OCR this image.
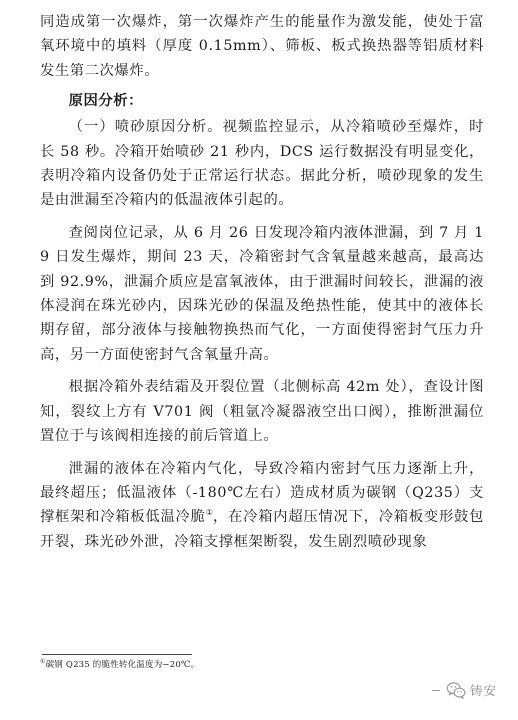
同造成第一次爆炸，第一次爆炸产生的能量作为激发能，使处于富氧环境中的填料（厚度 0.15mm）、筛板、板式换热器等铝质材料发生第二次爆炸。

原因分析：

（一）喷砂原因分析。视频监控显示，从冷箱喷砂至爆炸，时长 58 秒。冷箱开始喷砂 21 秒内，DCS 运行数据没有明显变化，表明冷箱内设备仍处于正常运行状态。据此分析，喷砂现象的发生是由泄漏至冷箱内的低温液体引起的。

查阅岗位记录，从 6 月 26 日发现冷箱内液体泄漏，到 7 月 19 日发生爆炸，期间 23 天，冷箱密封气含氧量越来越高，最高达到 92.9%，泄漏介质应是富氧液体，由于泄漏时间较长，泄漏的液体浸润在珠光砂内，因珠光砂的保温及绝热性能，使其中的液体长期存留，部分液体与接触物换热而气化，一方面使得密封气压力升高，另一方面使密封气含氧量升高。

根据冷箱外表结霜及开裂位置（北侧标高 42m 处），查设计图知，裂纹上方有 V701 阀（粗氩冷凝器液空出口阀），推断泄漏位置位于与该阀相连接的前后管道上。

泄漏的液体在冷箱内气化，导致冷箱内密封气压力逐渐上升，最终超压；低温液体（-180℃左右）造成材质为碳钢（Q235）支撑框架和冷箱板低温冷脆①，在冷箱内超压情况下，冷箱板变形鼓包开裂，珠光砂外泄，冷箱支撑框架断裂，发生剧烈喷砂现象

①碳钢 Q235 的脆性转化温度为−20℃。
铸安
